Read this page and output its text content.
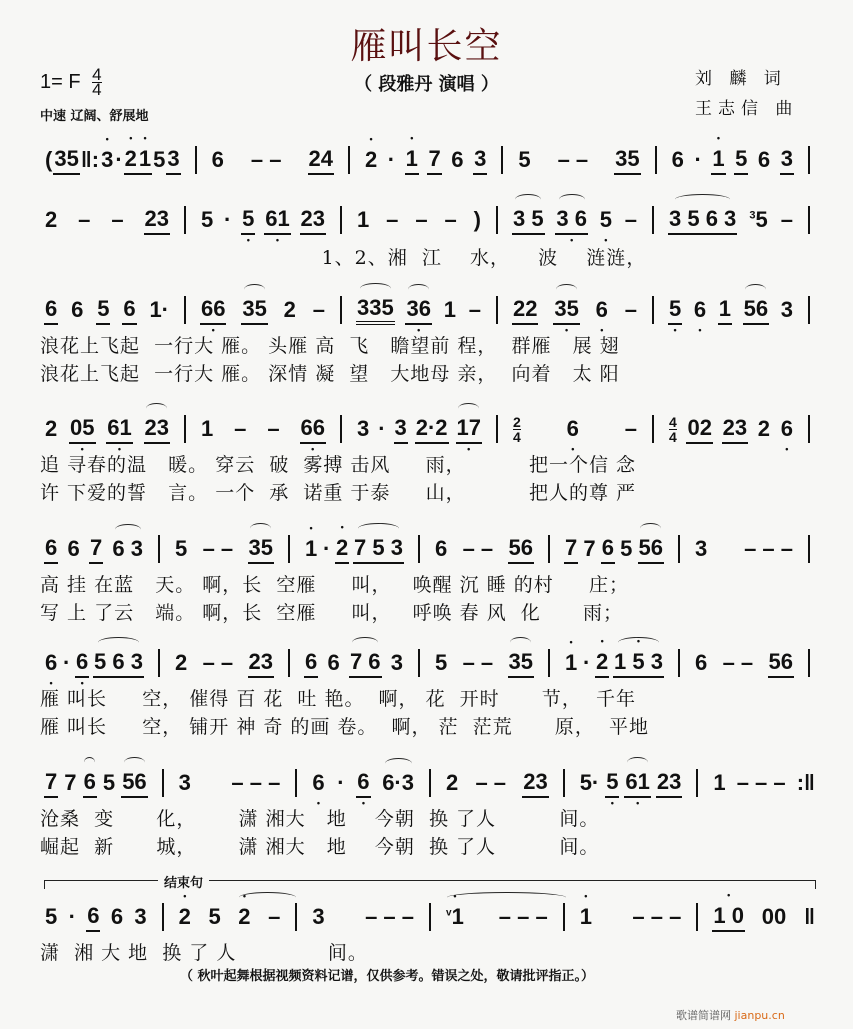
雁叫长空
1= F $\frac{4}{4}$
中速 辽阔、舒展地
（ 段雅丹 演唱 ）	刘 麟 词
王志信 曲
( 35 ‖: • 3 · • 2 • 1 5 3 6 – – 24 • 2 · • 1 7 6 3 5 – – 35 6 · • 1 5 6 3
2 – – 23 5 · 5 • 61 • 23 1 – – – ) 3 5 3 6
• 5 • – 3 5 6 3 $^3$5 –
1、2、湘  江    水，    波    涟涟，
6 6 5 6 1· 66 • 35 2 – 335 36
• 1 – 22 35
• 6 • – 5 • 6 • 1 56 3
浪花上飞起  一行大 雁。 头雁 高  飞   瞻望前 程，  群雁   展 翅
浪花上飞起  一行大 雁。 深情 凝  望   大地母 亲，  向着   太 阳
2 05 • 61 • 23 1 – – 66 • 3 · 3 2·2 17
• $\frac{2}{4} 6$ • – $\frac{4}{4} 02$ 23 2 6 •
追 寻春的温   暖。 穿云  破  雾搏 击风     雨，         把一个信 念
许 下爱的誓   言。 一个  承  诺重 于泰     山，         把人的尊 严
6 6 7 6 3 5 – – 35 • 1 · • 2 7 5 3 6 – – 56 7 7 6 5 56 3 – – –
高 挂 在蓝   天。 啊，长  空雁     叫，   唤醒 沉 睡 的村     庄；
写 上 了云   端。 啊，长  空雁     叫，   呼唤 春 风  化      雨；
6 • · 6 • 5 6 3 2 – – 23 6 6 7 6 3 5 – – 35 • 1 · • 2 • 1 5 3 6 – – 56
雁 叫长     空， 催得 百 花  吐 艳。  啊， 花  开时      节，  千年
雁 叫长     空， 铺开 神 奇 的画 卷。  啊， 茫  茫荒      原，  平地
7 7 6 5 56 3 – – – 6 • · 6 • 6·3 2 – – 23 5· 5 • 61
• 23 1 – – – :‖
沧桑  变      化，      潇 湘大   地    今朝  换 了人         间。
崛起  新      城，      潇 湘大   地    今朝  换 了人         间。
结束句
5 · 6 6 3 • 2 5 • 2 – 3 – – –	• $^v$1 – – – • 1 – – – • 1 0 00 ‖
潇  湘 大 地  换 了 人             间。
（ 秋叶起舞根据视频资料记谱，仅供参考。错误之处，敬请批评指正。）
歌谱简谱网 jianpu.cn
